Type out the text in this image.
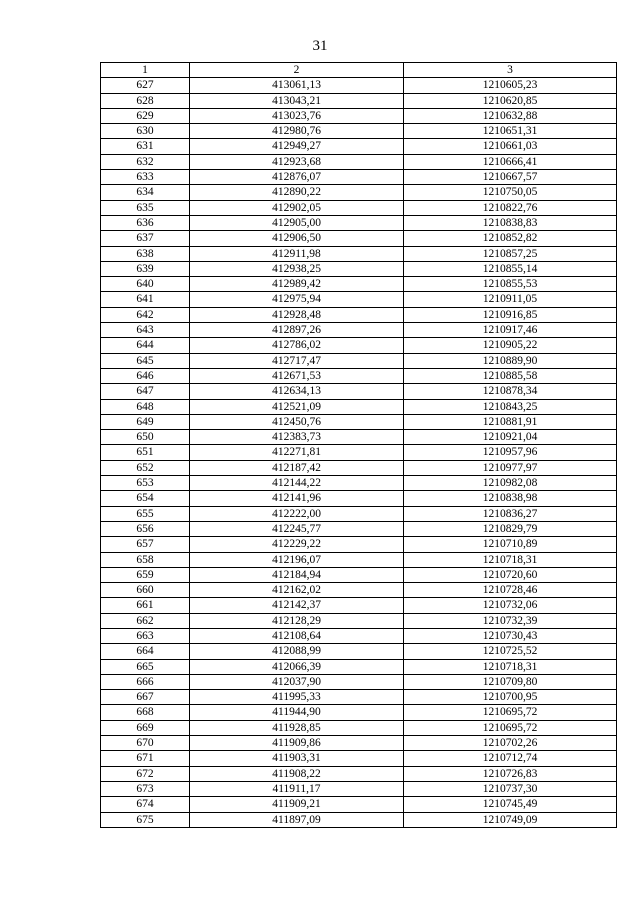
31
1	2	3
627	413061,13	1210605,23
628	413043,21	1210620,85
629	413023,76	1210632,88
630	412980,76	1210651,31
631	412949,27	1210661,03
632	412923,68	1210666,41
633	412876,07	1210667,57
634	412890,22	1210750,05
635	412902,05	1210822,76
636	412905,00	1210838,83
637	412906,50	1210852,82
638	412911,98	1210857,25
639	412938,25	1210855,14
640	412989,42	1210855,53
641	412975,94	1210911,05
642	412928,48	1210916,85
643	412897,26	1210917,46
644	412786,02	1210905,22
645	412717,47	1210889,90
646	412671,53	1210885,58
647	412634,13	1210878,34
648	412521,09	1210843,25
649	412450,76	1210881,91
650	412383,73	1210921,04
651	412271,81	1210957,96
652	412187,42	1210977,97
653	412144,22	1210982,08
654	412141,96	1210838,98
655	412222,00	1210836,27
656	412245,77	1210829,79
657	412229,22	1210710,89
658	412196,07	1210718,31
659	412184,94	1210720,60
660	412162,02	1210728,46
661	412142,37	1210732,06
662	412128,29	1210732,39
663	412108,64	1210730,43
664	412088,99	1210725,52
665	412066,39	1210718,31
666	412037,90	1210709,80
667	411995,33	1210700,95
668	411944,90	1210695,72
669	411928,85	1210695,72
670	411909,86	1210702,26
671	411903,31	1210712,74
672	411908,22	1210726,83
673	411911,17	1210737,30
674	411909,21	1210745,49
675	411897,09	1210749,09
